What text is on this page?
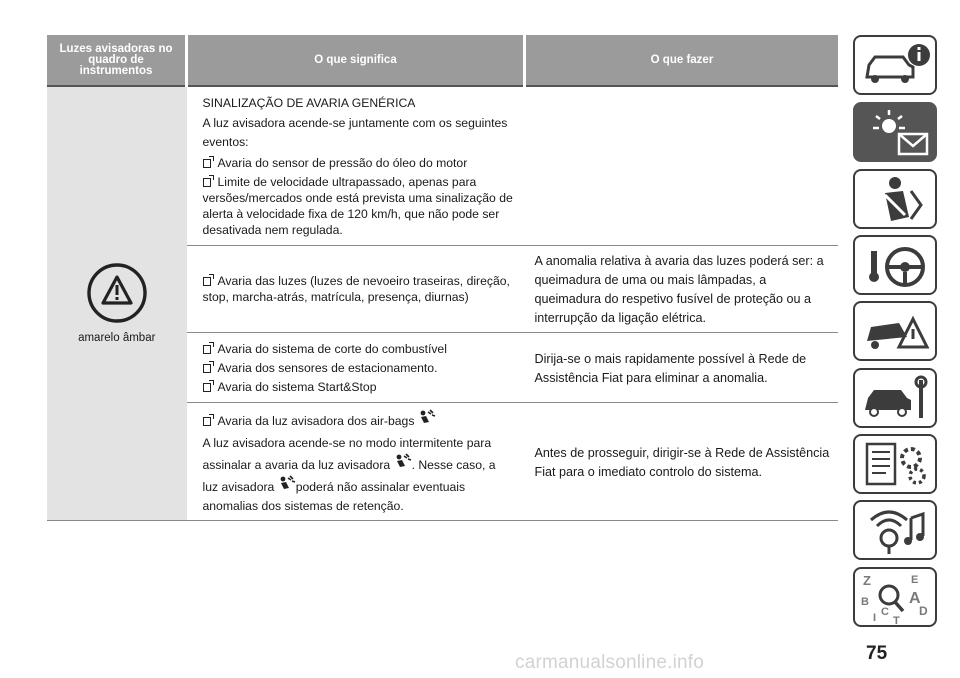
Luzes avisadoras no quadro de instrumentos	O que significa	O que fazer

amarelo âmbar	SINALIZAÇÃO DE AVARIA GENÉRICA
A luz avisadora acende-se juntamente com os seguintes eventos:
Avaria do sensor de pressão do óleo do motor
Limite de velocidade ultrapassado, apenas para versões/mercados onde está prevista uma sinalização de alerta à velocidade fixa de 120 km/h, que não pode ser desativada nem regulada.	

	Avaria das luzes (luzes de nevoeiro traseiras, direção, stop, marcha-atrás, matrícula, presença, diurnas)	A anomalia relativa à avaria das luzes poderá ser: a queimadura de uma ou mais lâmpadas, a queimadura do respetivo fusível de proteção ou a interrupção da ligação elétrica.

	Avaria do sistema de corte do combustível
Avaria dos sensores de estacionamento.
Avaria do sistema Start&Stop	Dirija-se o mais rapidamente possível à Rede de Assistência Fiat para eliminar a anomalia.

	Avaria da luz avisadora dos air-bags
A luz avisadora acende-se no modo intermitente para assinalar a avaria da luz avisadora . Nesse caso, a luz avisadora poderá não assinalar eventuais anomalias dos sistemas de retenção.	Antes de prosseguir, dirigir-se à Rede de Assistência Fiat para o imediato controlo do sistema.
Z	E
B	A
I C
T
D
75
carmanualsonline.info
